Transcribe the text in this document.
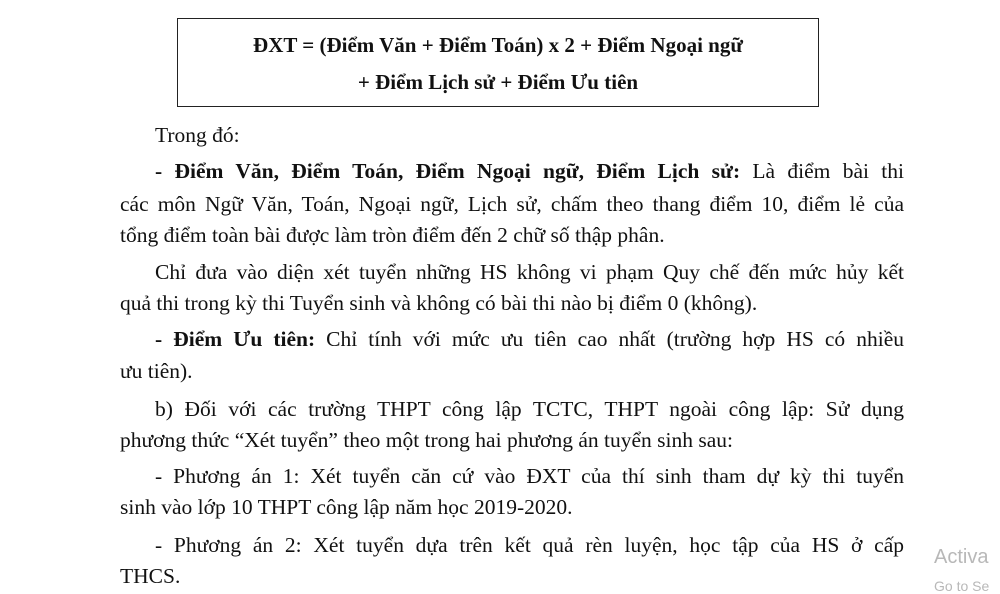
ĐXT = (Điểm Văn + Điểm Toán) x 2 + Điểm Ngoại ngữ
+ Điểm Lịch sử + Điểm Ưu tiên
Trong đó:
- Điểm Văn, Điểm Toán, Điểm Ngoại ngữ, Điểm Lịch sử: Là điểm bài thi
các môn Ngữ Văn, Toán, Ngoại ngữ, Lịch sử, chấm theo thang điểm 10, điểm lẻ của
tổng điểm toàn bài được làm tròn điểm đến 2 chữ số thập phân.
Chỉ đưa vào diện xét tuyển những HS không vi phạm Quy chế đến mức hủy kết
quả thi trong kỳ thi Tuyển sinh và không có bài thi nào bị điểm 0 (không).
- Điểm Ưu tiên: Chỉ tính với mức ưu tiên cao nhất (trường hợp HS có nhiều
ưu tiên).
b) Đối với các trường THPT công lập TCTC, THPT ngoài công lập: Sử dụng
phương thức “Xét tuyển” theo một trong hai phương án tuyển sinh sau:
- Phương án 1: Xét tuyển căn cứ vào ĐXT của thí sinh tham dự kỳ thi tuyển
sinh vào lớp 10 THPT công lập năm học 2019-2020.
- Phương án 2: Xét tuyển dựa trên kết quả rèn luyện, học tập của HS ở cấp
THCS.
Activa
Go to Se
